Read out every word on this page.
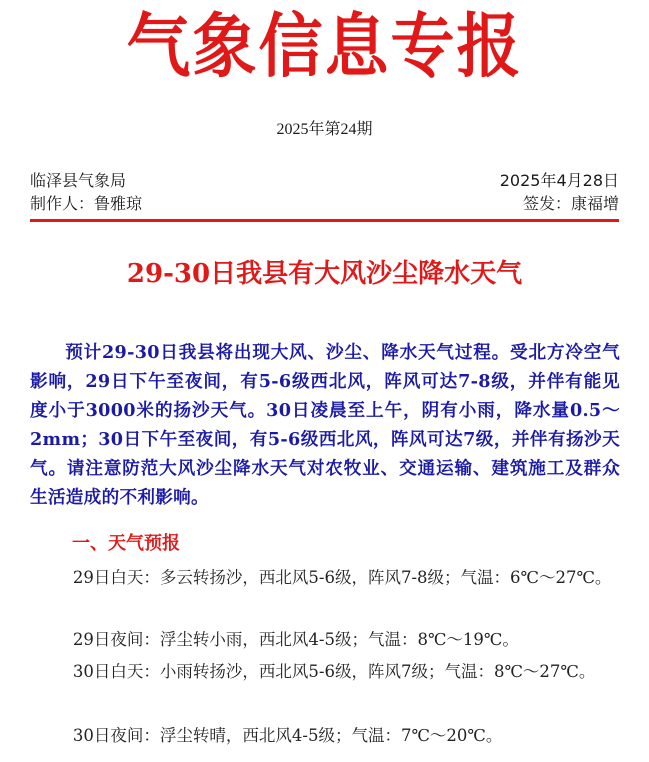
气象信息专报
2025年第24期
临泽县气象局	2025年4月28日
制作人：鲁雅琼	签发：康福增
29-30日我县有大风沙尘降水天气

预计29-30日我县将出现大风、沙尘、降水天气过程。受北方冷空气影响，29日下午至夜间，有5-6级西北风，阵风可达7-8级，并伴有能见度小于3000米的扬沙天气。30日凌晨至上午，阴有小雨，降水量0.5～2mm；30日下午至夜间，有5-6级西北风，阵风可达7级，并伴有扬沙天气。请注意防范大风沙尘降水天气对农牧业、交通运输、建筑施工及群众生活造成的不利影响。

一、天气预报

29日白天：多云转扬沙，西北风5-6级，阵风7-8级；气温：6℃～27℃。

29日夜间：浮尘转小雨，西北风4-5级；气温：8℃～19℃。

30日白天：小雨转扬沙，西北风5-6级，阵风7级；气温：8℃～27℃。

30日夜间：浮尘转晴，西北风4-5级；气温：7℃～20℃。
